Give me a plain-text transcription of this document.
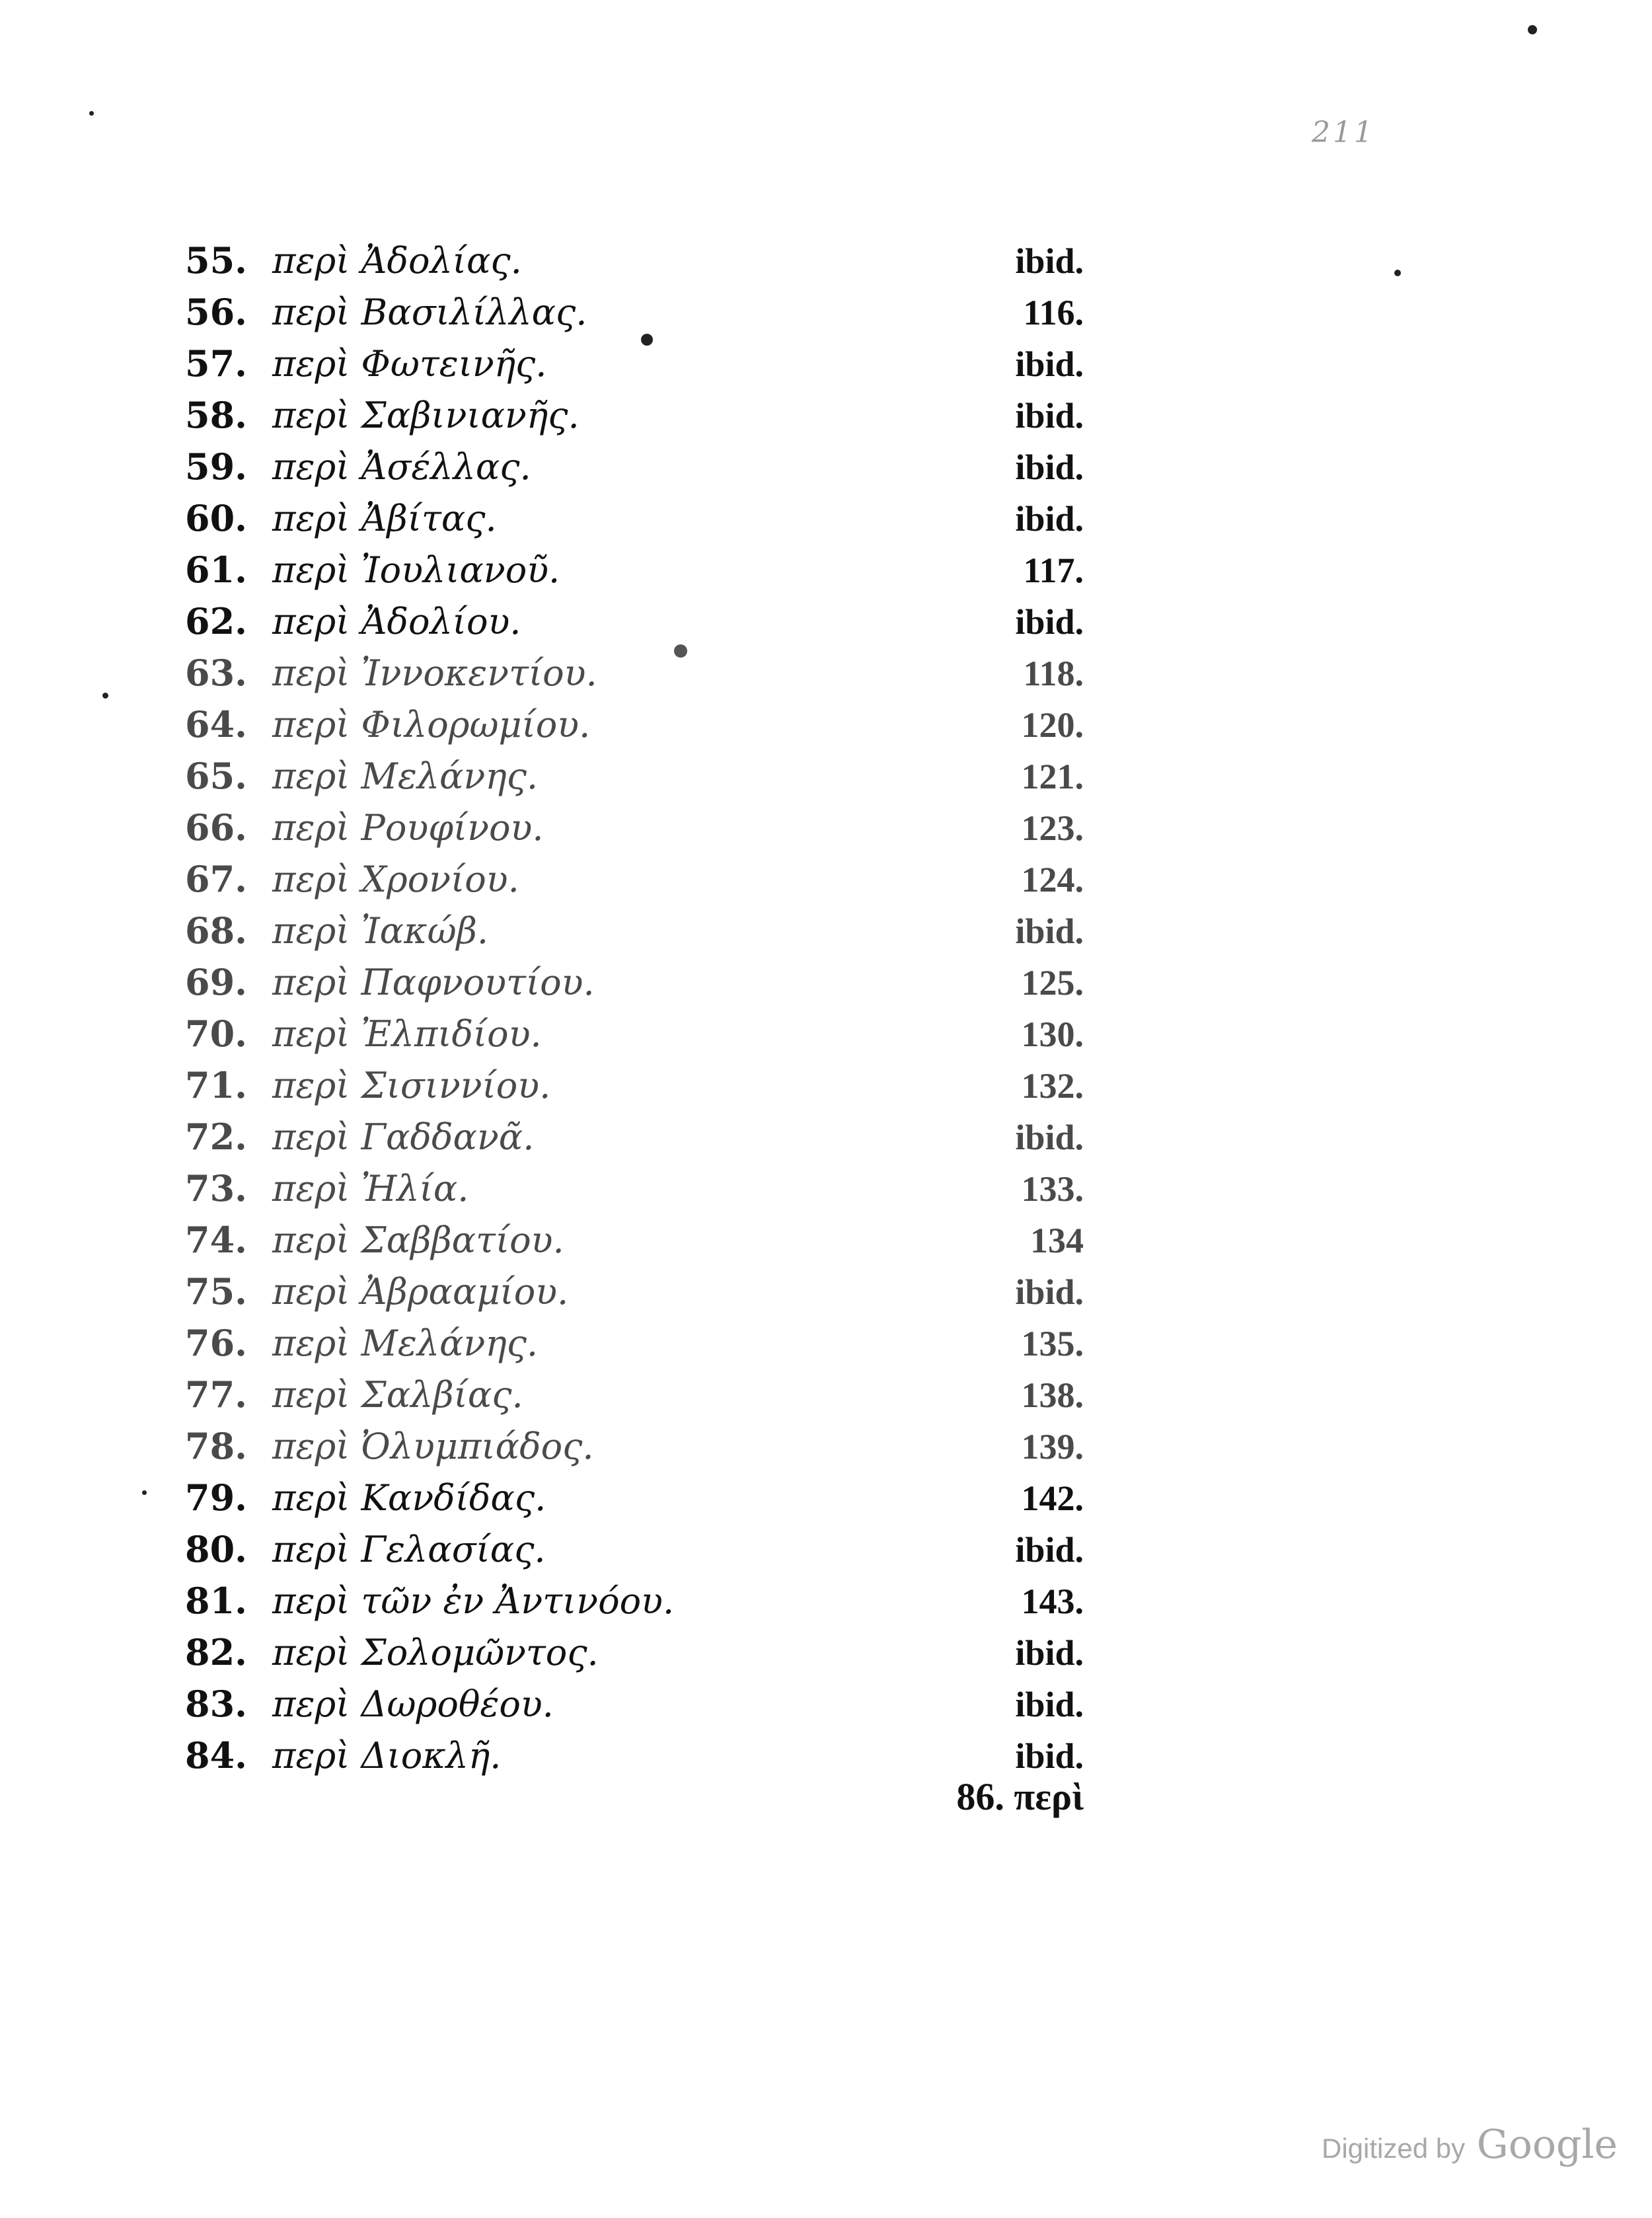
211
55. περὶ Ἀδολίας.	ibid.
56. περὶ Βασιλίλλας.	116.
57. περὶ Φωτεινῆς.	ibid.
58. περὶ Σαβινιανῆς.	ibid.
59. περὶ Ἀσέλλας.	ibid.
60. περὶ Ἀβίτας.	ibid.
61. περὶ Ἰουλιανοῦ.	117.
62. περὶ Ἀδολίου.	ibid.
63. περὶ Ἰννοκεντίου.	118.
64. περὶ Φιλορωμίου.	120.
65. περὶ Μελάνης.	121.
66. περὶ Ρουφίνου.	123.
67. περὶ Χρονίου.	124.
68. περὶ Ἰακώβ.	ibid.
69. περὶ Παφνουτίου.	125.
70. περὶ Ἐλπιδίου.	130.
71. περὶ Σισιννίου.	132.
72. περὶ Γαδδανᾶ.	ibid.
73. περὶ Ἠλία.	133.
74. περὶ Σαββατίου.	134
75. περὶ Ἀβρααμίου.	ibid.
76. περὶ Μελάνης.	135.
77. περὶ Σαλβίας.	138.
78. περὶ Ὀλυμπιάδος.	139.
79. περὶ Κανδίδας.	142.
80. περὶ Γελασίας.	ibid.
81. περὶ τῶν ἐν Ἀντινόου.	143.
82. περὶ Σολομῶντος.	ibid.
83. περὶ Δωροθέου.	ibid.
84. περὶ Διοκλῆ.	ibid.
86. περὶ
Digitized by Google
